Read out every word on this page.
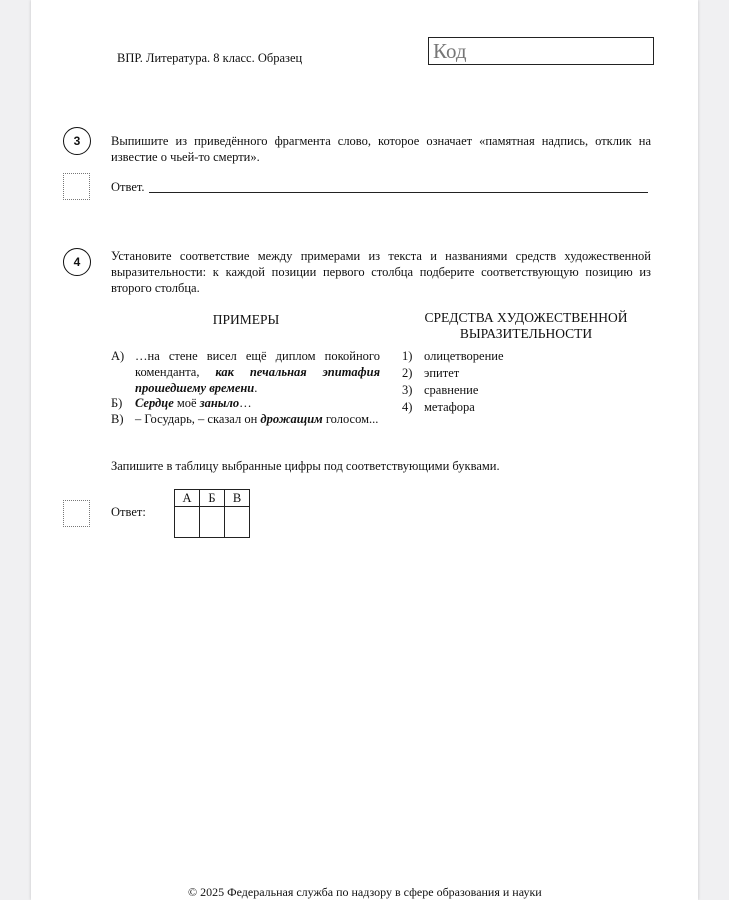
ВПР. Литература. 8 класс. Образец	Код
3 Выпишите из приведённого фрагмента слово, которое означает «памятная надпись, отклик на известие о чьей-то смерти».
Ответ.
4 Установите соответствие между примерами из текста и названиями средств художественной выразительности: к каждой позиции первого столбца подберите соответствующую позицию из второго столбца.
ПРИМЕРЫ	СРЕДСТВА ХУДОЖЕСТВЕННОЙ
ВЫРАЗИТЕЛЬНОСТИ
А) …на стене висел ещё диплом покойного коменданта, как печальная эпитафия прошедшему времени.
Б)	Сердце моё заныло…
В) – Государь, – сказал он дрожащим голосом...
1) олицетворение
2) эпитет
3) сравнение
4) метафора
Запишите в таблицу выбранные цифры под соответствующими буквами.
Ответ:
А	Б	В

© 2025 Федеральная служба по надзору в сфере образования и науки
